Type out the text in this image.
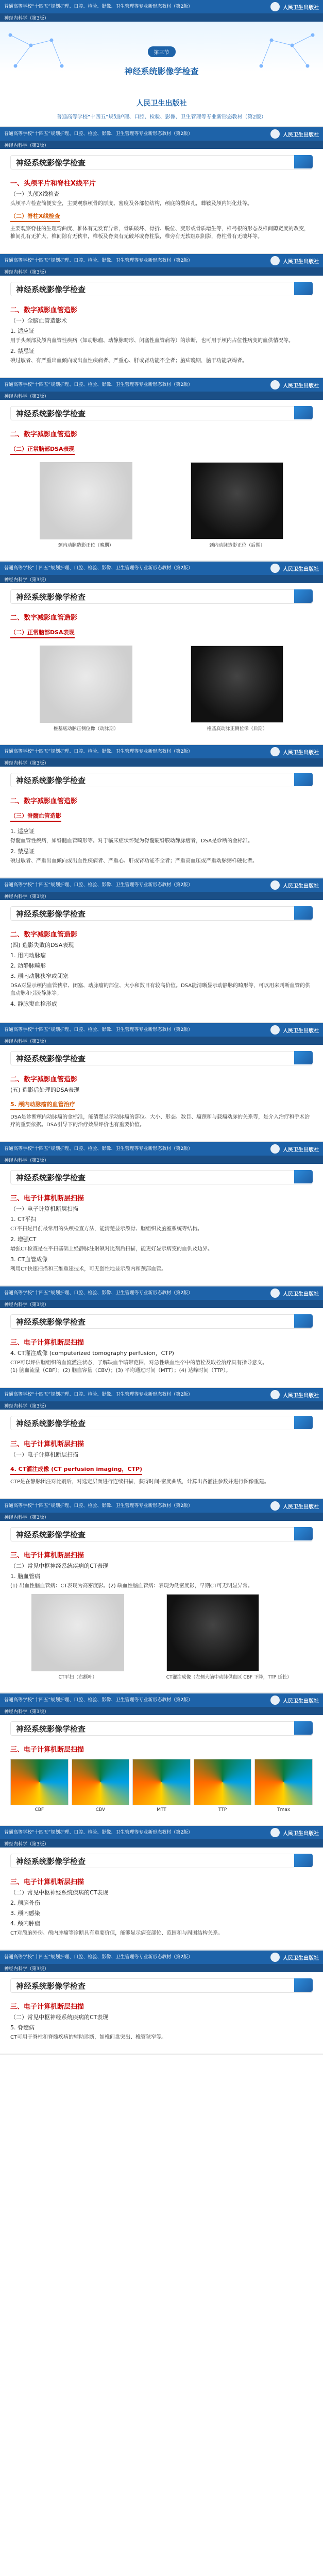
普通高等学校“十四五”规划护理、口腔、检验、影像、卫生管理等专业新形态教材（第2版）	人民卫生出版社
神经内科学（第3版）
第三节
神经系统影像学检查
人民卫生出版社
普通高等学校“十四五”规划护理、口腔、检验、影像、卫生管理等专业新形态教材（第2版）
普通高等学校“十四五”规划护理、口腔、检验、影像、卫生管理等专业新形态教材（第2版）	人民卫生出版社
神经内科学（第3版）
神经系统影像学检查
一、头颅平片和脊柱X线平片
（一）头颅X线检查
头颅平片检查简便安全，主要观察颅骨的厚度、密度及各部位结构，颅底的裂和孔，蝶鞍及颅内钙化灶等。
（二）脊柱X线检查
主要观察脊柱的生理弯曲度、椎体有无发育异常，骨质破坏、骨折、脱位、变形或骨质增生等，椎弓根的形态及椎间隙宽度的改变，椎间孔有无扩大，椎间隙有无狭窄，椎板及脊突有无破坏或脊柱裂，椎旁有无软组织阴影，脊柱骨有无破坏等。
普通高等学校“十四五”规划护理、口腔、检验、影像、卫生管理等专业新形态教材（第2版）	人民卫生出版社
神经内科学（第3版）
神经系统影像学检查
二、数字减影血管造影
（一）全脑血管造影术
1. 适应证
用于头颈部及颅内血管性疾病（如动脉瘤、动静脉畸形、闭塞性血管病等）的诊断，也可用于颅内占位性病变的血供情况等。
2. 禁忌证
碘过敏者、有严重出血倾向或出血性疾病者、严重心、肝或肾功能不全者；脑疝晚期，脑干功能衰竭者。
普通高等学校“十四五”规划护理、口腔、检验、影像、卫生管理等专业新形态教材（第2版）	人民卫生出版社
神经内科学（第3版）
神经系统影像学检查
二、数字减影血管造影
（二）正常脑部DSA表现
颈内动脉造影正位（晚期）	颈内动脉造影正位（后期）
普通高等学校“十四五”规划护理、口腔、检验、影像、卫生管理等专业新形态教材（第2版）	人民卫生出版社
神经内科学（第3版）
神经系统影像学检查
二、数字减影血管造影
（二）正常脑部DSA表现
椎基底动脉正侧位像（动脉期）	椎基底动脉正侧位像（后期）
普通高等学校“十四五”规划护理、口腔、检验、影像、卫生管理等专业新形态教材（第2版）	人民卫生出版社
神经内科学（第3版）
神经系统影像学检查
二、数字减影血管造影
（三）脊髓血管造影
1. 适应证
脊髓血管性疾病，如脊髓血管畸形等。对于临床症状怀疑为脊髓硬脊膜动静脉瘘者，DSA是诊断的金标准。
2. 禁忌证
碘过敏者、严重出血倾向或出血性疾病者、严重心、肝或肾功能不全者；严重高血压或严重动脉粥样硬化者。
普通高等学校“十四五”规划护理、口腔、检验、影像、卫生管理等专业新形态教材（第2版）	人民卫生出版社
神经内科学（第3版）
神经系统影像学检查
二、数字减影血管造影
(四) 造影失败的DSA表现
1. 用内动脉瘤
2. 动静脉畸形
3. 颅内动脉狭窄或闭塞
DSA对显示颅内血管狭窄、闭塞、动脉瘤的部位、大小和数目有较高价值。DSA能清晰显示动静脉的畸形等，可以用来判断血管的供血动脉和引流静脉等。
4. 静脉窦血栓形成
普通高等学校“十四五”规划护理、口腔、检验、影像、卫生管理等专业新形态教材（第2版）	人民卫生出版社
神经内科学（第3版）
神经系统影像学检查
二、数字减影血管造影
(五) 造影后处理的DSA表现
5. 颅内动脉瘤的血管治疗
DSA是诊断颅内动脉瘤的金标准，能清楚显示动脉瘤的部位、大小、形态、数目、瘤颈和与载瘤动脉的关系等，是介入治疗和手术治疗的重要依据。DSA引导下的治疗效果评价也有重要价值。
普通高等学校“十四五”规划护理、口腔、检验、影像、卫生管理等专业新形态教材（第2版）	人民卫生出版社
神经内科学（第3版）
神经系统影像学检查
三、电子计算机断层扫描
（一）电子计算机断层扫描
1. CT平扫
CT平扫是目前最常用的头颅检查方法，能清楚显示颅骨、脑组织及脑室系统等结构。
2. 增强CT
增强CT检查是在平扫基础上经静脉注射碘对比剂后扫描，能更好显示病变的血供及边界。
3. CT血管成像
利用CT快速扫描和三维重建技术，可无创性地显示颅内和颈部血管。
普通高等学校“十四五”规划护理、口腔、检验、影像、卫生管理等专业新形态教材（第2版）	人民卫生出版社
神经内科学（第3版）
神经系统影像学检查
三、电子计算机断层扫描
4. CT灌注成像 (computerized tomography perfusion，CTP)
CTP可以评估脑组织的血流灌注状态，了解缺血半暗带范围，对急性缺血性卒中的溶栓及取栓治疗具有指导意义。
(1) 脑血流量（CBF）；(2) 脑血容量（CBV）；(3) 平均通过时间（MTT）；(4) 达峰时间（TTP）。
普通高等学校“十四五”规划护理、口腔、检验、影像、卫生管理等专业新形态教材（第2版）	人民卫生出版社
神经内科学（第3版）
神经系统影像学检查
三、电子计算机断层扫描
（一）电子计算机断层扫描
4. CT灌注成像 (CT perfusion imaging，CTP)
CTP是在静脉团注对比剂后，对选定层面进行连续扫描，获得时间-密度曲线，计算出各灌注参数并进行图像重建。
普通高等学校“十四五”规划护理、口腔、检验、影像、卫生管理等专业新形态教材（第2版）	人民卫生出版社
神经内科学（第3版）
神经系统影像学检查
三、电子计算机断层扫描
（二）常见中枢神经系统疾病的CT表现
1. 脑血管病
(1) 出血性脑血管病：CT表现为高密度影。(2) 缺血性脑血管病：表现为低密度影，早期CT可无明显异常。
CT平扫（右额叶）	CT灌注成像（左侧大脑中动脉供血区 CBF 下降，TTP 延长）
普通高等学校“十四五”规划护理、口腔、检验、影像、卫生管理等专业新形态教材（第2版）	人民卫生出版社
神经内科学（第3版）
神经系统影像学检查
三、电子计算机断层扫描
CBF	CBV	MTT	TTP	Tmax
普通高等学校“十四五”规划护理、口腔、检验、影像、卫生管理等专业新形态教材（第2版）	人民卫生出版社
神经内科学（第3版）
神经系统影像学检查
三、电子计算机断层扫描
（二）常见中枢神经系统疾病的CT表现
2. 颅脑外伤
3. 颅内感染
4. 颅内肿瘤
CT对颅脑外伤、颅内肿瘤等诊断具有重要价值，能够显示病变部位、范围和与周围结构关系。
普通高等学校“十四五”规划护理、口腔、检验、影像、卫生管理等专业新形态教材（第2版）	人民卫生出版社
神经内科学（第3版）
神经系统影像学检查
三、电子计算机断层扫描
（二）常见中枢神经系统疾病的CT表现
5. 脊髓病
CT可用于脊柱和脊髓疾病的辅助诊断，如椎间盘突出、椎管狭窄等。
